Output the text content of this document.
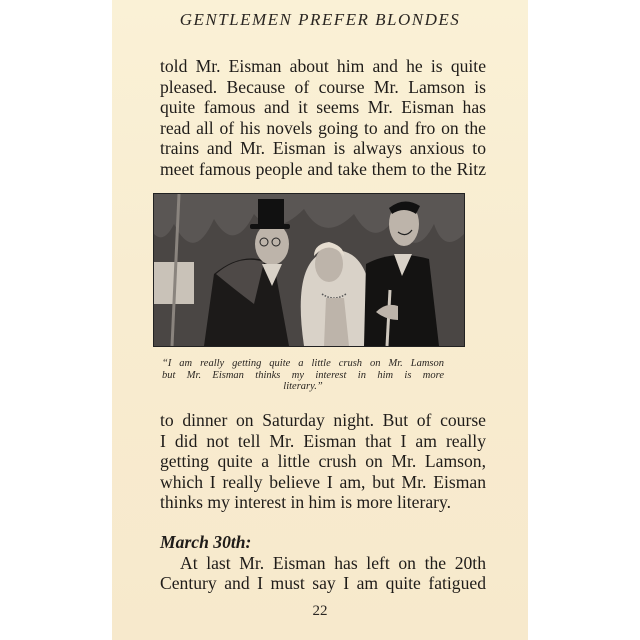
GENTLEMEN PREFER BLONDES
told Mr. Eisman about him and he is quite
pleased. Because of course Mr. Lamson is
quite famous and it seems Mr. Eisman has
read all of his novels going to and fro on the
trains and Mr. Eisman is always anxious to
meet famous people and take them to the Ritz
“I am really getting quite a little crush on Mr. Lamson
but Mr. Eisman thinks my interest in him is more
literary.”
to dinner on Saturday night. But of course
I did not tell Mr. Eisman that I am really
getting quite a little crush on Mr. Lamson,
which I really believe I am, but Mr. Eisman
thinks my interest in him is more literary.
March 30th:
At last Mr. Eisman has left on the 20th
Century and I must say I am quite fatigued
22
